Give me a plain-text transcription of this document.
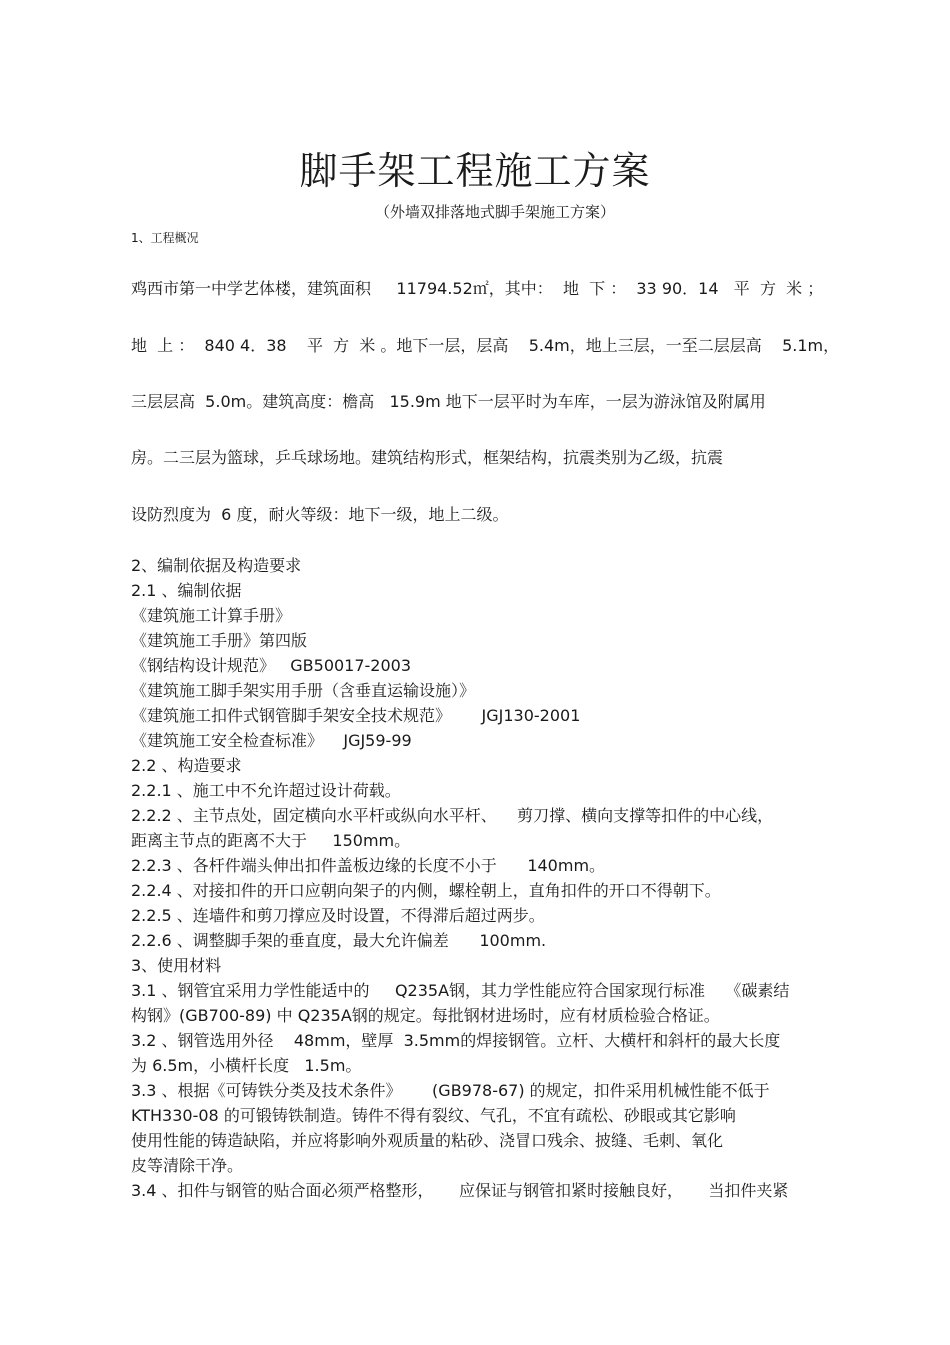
脚手架工程施工方案
（外墙双排落地式脚手架施工方案）
1、工程概况
鸡西市第一中学艺体楼，建筑面积     11794.52㎡，其中：  地  下 ：  33 90．14   平  方  米 ；
地  上 ：  840 4．38    平  方  米 。地下一层，层高    5.4m，地上三层，一至二层层高    5.1m，
三层层高  5.0m。建筑高度：檐高   15.9m 地下一层平时为车库，一层为游泳馆及附属用
房。二三层为篮球，乒乓球场地。建筑结构形式，框架结构，抗震类别为乙级，抗震
设防烈度为  6 度，耐火等级：地下一级，地上二级。
2、编制依据及构造要求
2.1 、编制依据
《建筑施工计算手册》
《建筑施工手册》第四版
《钢结构设计规范》   GB50017-2003
《建筑施工脚手架实用手册（含垂直运输设施）》
《建筑施工扣件式钢管脚手架安全技术规范》      JGJ130-2001
《建筑施工安全检查标准》    JGJ59-99
2.2 、构造要求
2.2.1 、施工中不允许超过设计荷载。
2.2.2 、主节点处，固定横向水平杆或纵向水平杆、    剪刀撑、横向支撑等扣件的中心线，
距离主节点的距离不大于     150mm。
2.2.3 、各杆件端头伸出扣件盖板边缘的长度不小于      140mm。
2.2.4 、对接扣件的开口应朝向架子的内侧，螺栓朝上，直角扣件的开口不得朝下。
2.2.5 、连墙件和剪刀撑应及时设置，不得滞后超过两步。
2.2.6 、调整脚手架的垂直度，最大允许偏差      100mm.
3、使用材料
3.1 、钢管宜采用力学性能适中的     Q235A钢，其力学性能应符合国家现行标准    《碳素结
构钢》(GB700-89) 中 Q235A钢的规定。每批钢材进场时，应有材质检验合格证。
3.2 、钢管选用外径    48mm，壁厚  3.5mm的焊接钢管。立杆、大横杆和斜杆的最大长度
为 6.5m，小横杆长度   1.5m。
3.3 、根据《可铸铁分类及技术条件》      (GB978-67) 的规定，扣件采用机械性能不低于
KTH330-08 的可锻铸铁制造。铸件不得有裂纹、气孔，不宜有疏松、砂眼或其它影响
使用性能的铸造缺陷，并应将影响外观质量的粘砂、浇冒口残余、披缝、毛刺、氧化
皮等清除干净。
3.4 、扣件与钢管的贴合面必须严格整形，     应保证与钢管扣紧时接触良好，     当扣件夹紧
